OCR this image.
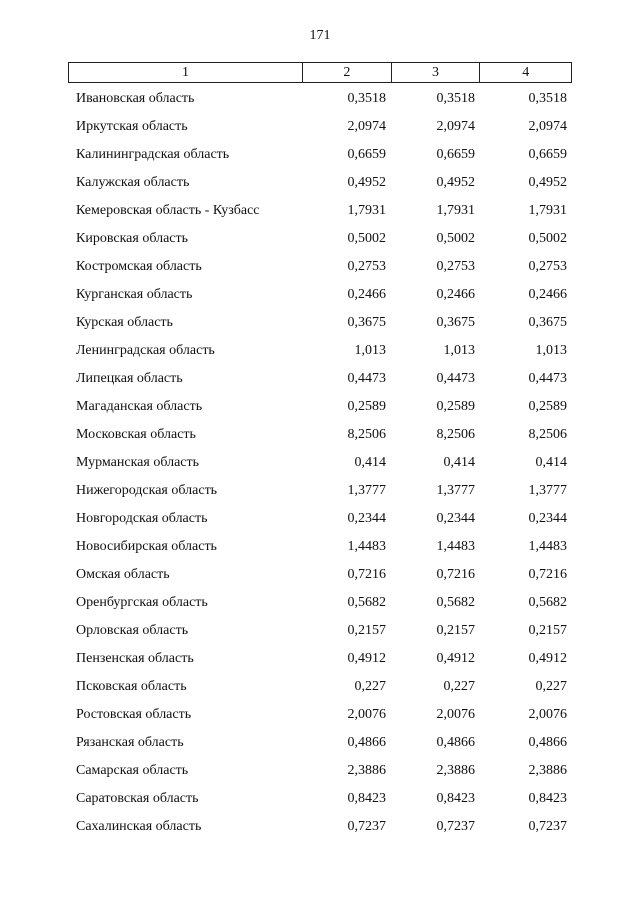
171
1	2	3	4
Ивановская область	0,3518	0,3518	0,3518
Иркутская область	2,0974	2,0974	2,0974
Калининградская область	0,6659	0,6659	0,6659
Калужская область	0,4952	0,4952	0,4952
Кемеровская область - Кузбасс	1,7931	1,7931	1,7931
Кировская область	0,5002	0,5002	0,5002
Костромская область	0,2753	0,2753	0,2753
Курганская область	0,2466	0,2466	0,2466
Курская область	0,3675	0,3675	0,3675
Ленинградская область	1,013	1,013	1,013
Липецкая область	0,4473	0,4473	0,4473
Магаданская область	0,2589	0,2589	0,2589
Московская область	8,2506	8,2506	8,2506
Мурманская область	0,414	0,414	0,414
Нижегородская область	1,3777	1,3777	1,3777
Новгородская область	0,2344	0,2344	0,2344
Новосибирская область	1,4483	1,4483	1,4483
Омская область	0,7216	0,7216	0,7216
Оренбургская область	0,5682	0,5682	0,5682
Орловская область	0,2157	0,2157	0,2157
Пензенская область	0,4912	0,4912	0,4912
Псковская область	0,227	0,227	0,227
Ростовская область	2,0076	2,0076	2,0076
Рязанская область	0,4866	0,4866	0,4866
Самарская область	2,3886	2,3886	2,3886
Саратовская область	0,8423	0,8423	0,8423
Сахалинская область	0,7237	0,7237	0,7237
